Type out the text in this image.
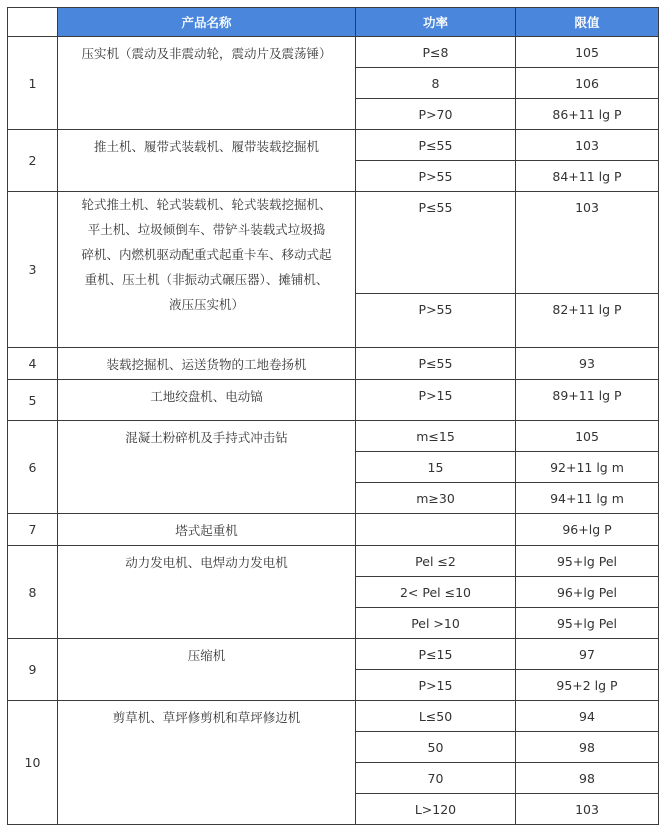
	产品名称	功率	限值
1	压实机（震动及非震动轮，震动片及震荡锤）	P≤8	105
		8	106
		P>70	86+11 lg P
2	推土机、履带式装载机、履带装载挖掘机	P≤55	103
		P>55	84+11 lg P
3	轮式推土机、轮式装载机、轮式装载挖掘机、
平土机、垃圾倾倒车、带铲斗装载式垃圾捣
碎机、内燃机驱动配重式起重卡车、移动式起
重机、压土机（非振动式碾压器）、摊铺机、
液压压实机）	P≤55	103
		P>55	82+11 lg P
4	装载挖掘机、运送货物的工地卷扬机	P≤55	93
5	工地绞盘机、电动镐	P>15	89+11 lg P
6	混凝土粉碎机及手持式冲击钻	m≤15	105
		15	92+11 lg m
		m≥30	94+11 lg m
7	塔式起重机		96+lg P
8	动力发电机、电焊动力发电机	Pel ≤2	95+lg Pel
		2< Pel ≤10	96+lg Pel
		Pel >10	95+lg Pel
9	压缩机	P≤15	97
		P>15	95+2 lg P
10	剪草机、草坪修剪机和草坪修边机	L≤50	94
		50	98
		70	98
		L>120	103
